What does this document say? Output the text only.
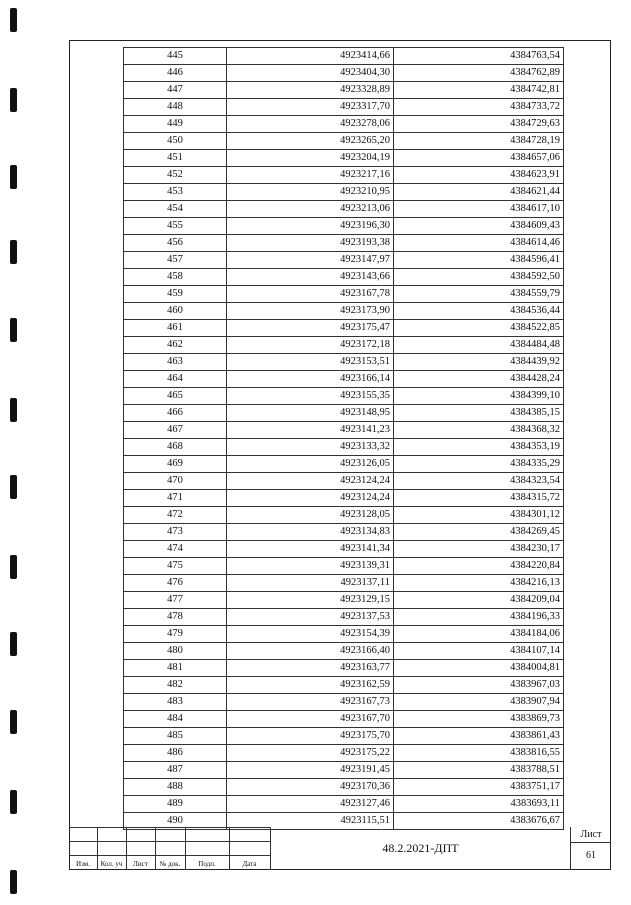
445	4923414,66	4384763,54
446	4923404,30	4384762,89
447	4923328,89	4384742,81
448	4923317,70	4384733,72
449	4923278,06	4384729,63
450	4923265,20	4384728,19
451	4923204,19	4384657,06
452	4923217,16	4384623,91
453	4923210,95	4384621,44
454	4923213,06	4384617,10
455	4923196,30	4384609,43
456	4923193,38	4384614,46
457	4923147,97	4384596,41
458	4923143,66	4384592,50
459	4923167,78	4384559,79
460	4923173,90	4384536,44
461	4923175,47	4384522,85
462	4923172,18	4384484,48
463	4923153,51	4384439,92
464	4923166,14	4384428,24
465	4923155,35	4384399,10
466	4923148,95	4384385,15
467	4923141,23	4384368,32
468	4923133,32	4384353,19
469	4923126,05	4384335,29
470	4923124,24	4384323,54
471	4923124,24	4384315,72
472	4923128,05	4384301,12
473	4923134,83	4384269,45
474	4923141,34	4384230,17
475	4923139,31	4384220,84
476	4923137,11	4384216,13
477	4923129,15	4384209,04
478	4923137,53	4384196,33
479	4923154,39	4384184,06
480	4923166,40	4384107,14
481	4923163,77	4384004,81
482	4923162,59	4383967,03
483	4923167,73	4383907,94
484	4923167,70	4383869,73
485	4923175,70	4383861,43
486	4923175,22	4383816,55
487	4923191,45	4383788,51
488	4923170,36	4383751,17
489	4923127,46	4383693,11
490	4923115,51	4383676,67
Изм.	Кол. уч	Лист	№ док.	Подп.	Дата
48.2.2021-ДПТ
Лист
61
